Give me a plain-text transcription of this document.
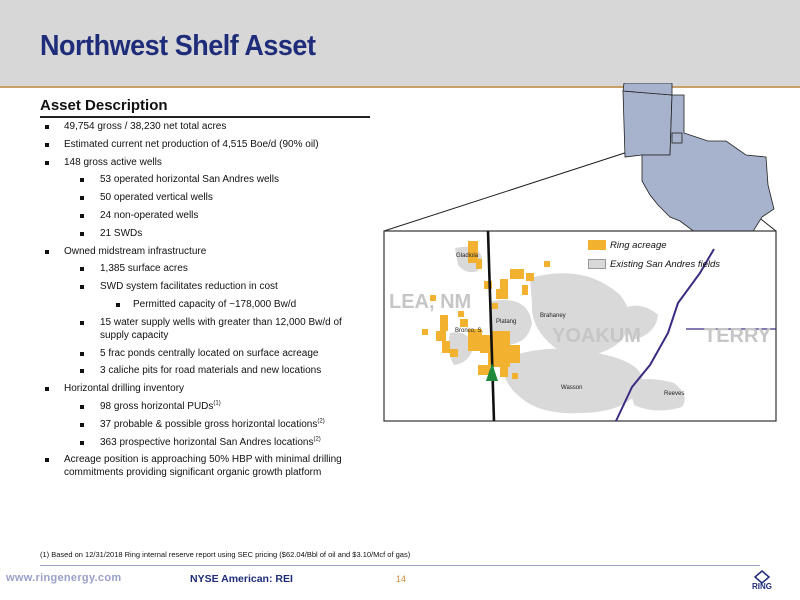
Northwest Shelf Asset
Asset Description
49,754 gross / 38,230 net total acres
Estimated current net production of 4,515 Boe/d (90% oil)
148 gross active wells
53 operated horizontal San Andres wells
50 operated vertical wells
24 non-operated wells
21 SWDs
Owned midstream infrastructure
1,385 surface acres
SWD system facilitates reduction in cost
Permitted capacity of ~178,000 Bw/d
15 water supply wells with greater than 12,000 Bw/d of supply capacity
5 frac ponds centrally located on surface acreage
3 caliche pits for road materials and new locations
Horizontal drilling inventory
98 gross horizontal PUDs$^{(1)}$
37 probable & possible gross horizontal locations$^{(2)}$
363 prospective horizontal San Andres locations$^{(2)}$
Acreage position is approaching 50% HBP with minimal drilling commitments providing significant organic growth platform
LEA, NM
YOAKUM	TERRY
Gladiola
Platang
Brahaney
Bronco, S.
Wasson
Reeves
Ring acreage
Existing San Andres fields
(1) Based on 12/31/2018 Ring internal reserve report using SEC pricing ($62.04/Bbl of oil and $3.10/Mcf of gas)
www.ringenergy.com	NYSE American: REI	14
RING
